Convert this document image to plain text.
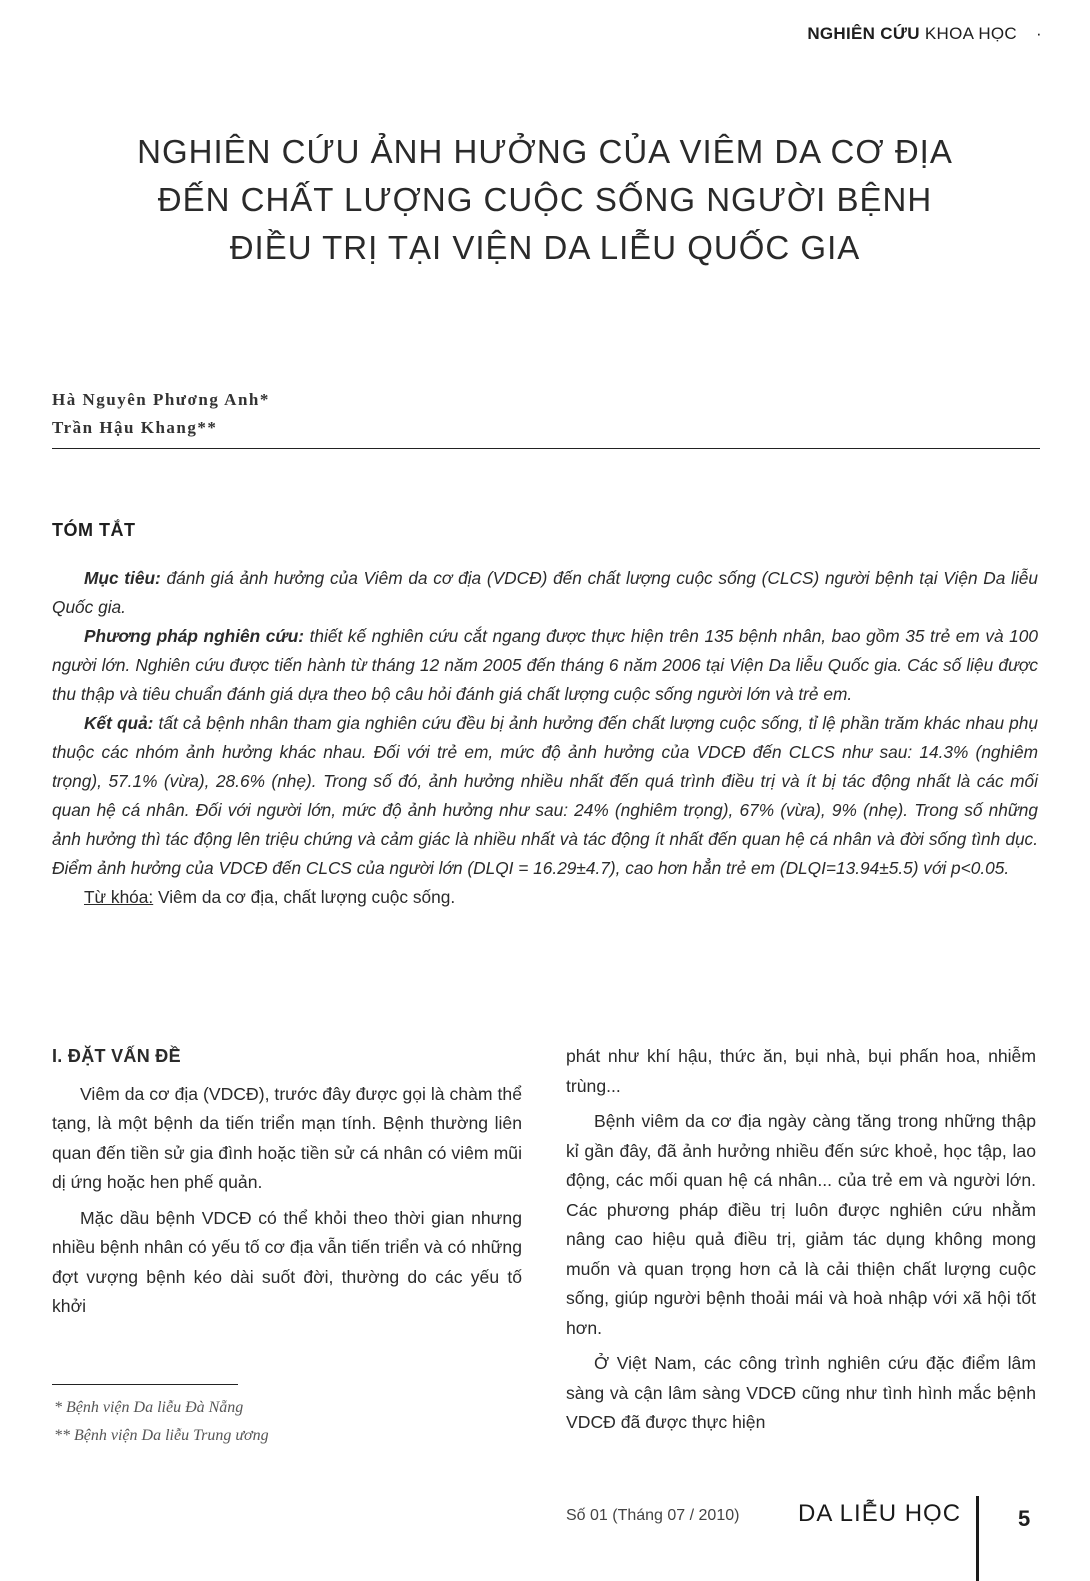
NGHIÊN CỨU KHOA HỌC ·
NGHIÊN CỨU ẢNH HƯỞNG CỦA VIÊM DA CƠ ĐỊA
ĐẾN CHẤT LƯỢNG CUỘC SỐNG NGƯỜI BỆNH
ĐIỀU TRỊ TẠI VIỆN DA LIỄU QUỐC GIA
Hà Nguyên Phương Anh*
Trần Hậu Khang**
TÓM TẮT

Mục tiêu: đánh giá ảnh hưởng của Viêm da cơ địa (VDCĐ) đến chất lượng cuộc sống (CLCS) người bệnh tại Viện Da liễu Quốc gia.

Phương pháp nghiên cứu: thiết kế nghiên cứu cắt ngang được thực hiện trên 135 bệnh nhân, bao gồm 35 trẻ em và 100 người lớn. Nghiên cứu được tiến hành từ tháng 12 năm 2005 đến tháng 6 năm 2006 tại Viện Da liễu Quốc gia. Các số liệu được thu thập và tiêu chuẩn đánh giá dựa theo bộ câu hỏi đánh giá chất lượng cuộc sống người lớn và trẻ em.

Kết quả: tất cả bệnh nhân tham gia nghiên cứu đều bị ảnh hưởng đến chất lượng cuộc sống, tỉ lệ phần trăm khác nhau phụ thuộc các nhóm ảnh hưởng khác nhau. Đối với trẻ em, mức độ ảnh hưởng của VDCĐ đến CLCS như sau: 14.3% (nghiêm trọng), 57.1% (vừa), 28.6% (nhẹ). Trong số đó, ảnh hưởng nhiều nhất đến quá trình điều trị và ít bị tác động nhất là các mối quan hệ cá nhân. Đối với người lớn, mức độ ảnh hưởng như sau: 24% (nghiêm trọng), 67% (vừa), 9% (nhẹ). Trong số những ảnh hưởng thì tác động lên triệu chứng và cảm giác là nhiều nhất và tác động ít nhất đến quan hệ cá nhân và đời sống tình dục. Điểm ảnh hưởng của VDCĐ đến CLCS của người lớn (DLQI = 16.29±4.7), cao hơn hẳn trẻ em (DLQI=13.94±5.5) với p<0.05.

Từ khóa: Viêm da cơ địa, chất lượng cuộc sống.

I. ĐẶT VẤN ĐỀ

Viêm da cơ địa (VDCĐ), trước đây được gọi là chàm thể tạng, là một bệnh da tiến triển mạn tính. Bệnh thường liên quan đến tiền sử gia đình hoặc tiền sử cá nhân có viêm mũi dị ứng hoặc hen phế quản.

Mặc dầu bệnh VDCĐ có thể khỏi theo thời gian nhưng nhiều bệnh nhân có yếu tố cơ địa vẫn tiến triển và có những đợt vượng bệnh kéo dài suốt đời, thường do các yếu tố khởi

phát như khí hậu, thức ăn, bụi nhà, bụi phấn hoa, nhiễm trùng...

Bệnh viêm da cơ địa ngày càng tăng trong những thập kỉ gần đây, đã ảnh hưởng nhiều đến sức khoẻ, học tập, lao động, các mối quan hệ cá nhân... của trẻ em và người lớn. Các phương pháp điều trị luôn được nghiên cứu nhằm nâng cao hiệu quả điều trị, giảm tác dụng không mong muốn và quan trọng hơn cả là cải thiện chất lượng cuộc sống, giúp người bệnh thoải mái và hoà nhập với xã hội tốt hơn.

Ở Việt Nam, các công trình nghiên cứu đặc điểm lâm sàng và cận lâm sàng VDCĐ cũng như tình hình mắc bệnh VDCĐ đã được thực hiện

* Bệnh viện Da liễu Đà Nẵng
** Bệnh viện Da liễu Trung ương
Số 01 (Tháng 07 / 2010) DA LIỄU HỌC	5
